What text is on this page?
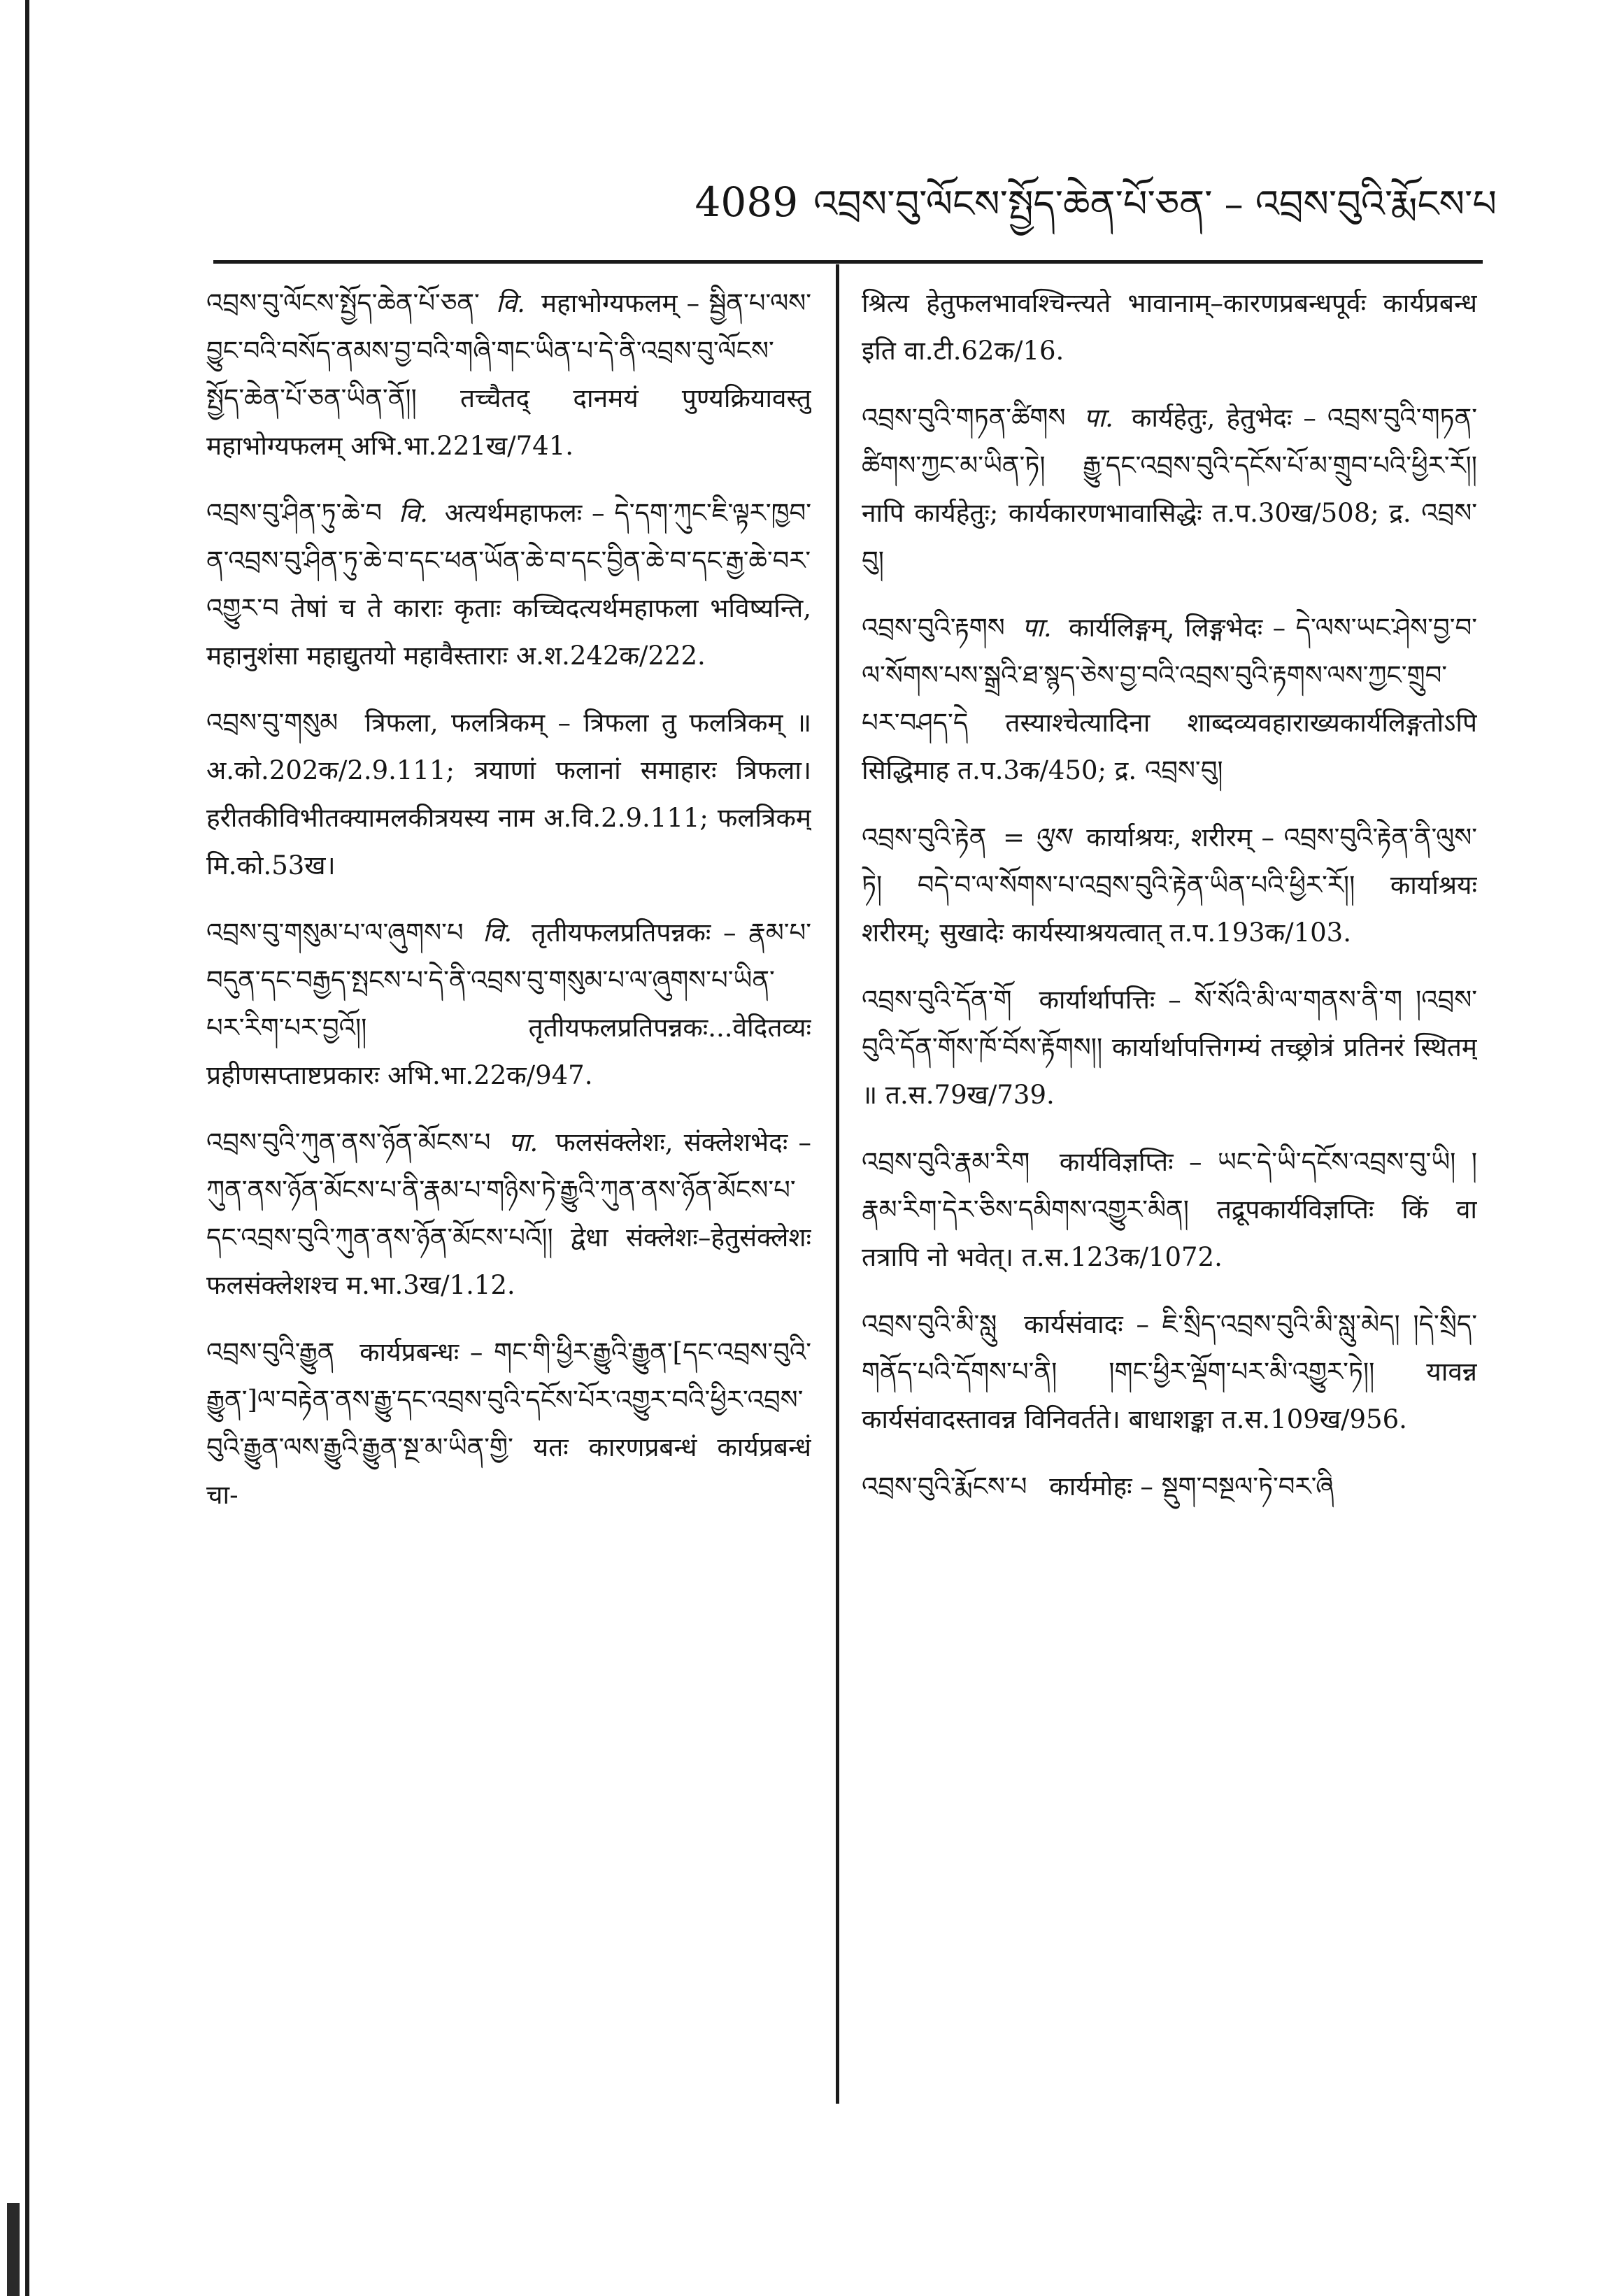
4089 འབྲས་བུ་ལོངས་སྤྱོད་ཆེན་པོ་ཅན་ – འབྲས་བུའི་རྨོངས་པ

འབྲས་བུ་ལོངས་སྤྱོད་ཆེན་པོ་ཅན་ वि. महाभोग्यफलम् – སྦྱིན་པ་ལས་བྱུང་བའི་བསོད་ནམས་བྱ་བའི་གཞི་གང་ཡིན་པ་དེ་ནི་འབྲས་བུ་ལོངས་སྤྱོད་ཆེན་པོ་ཅན་ཡིན་ནོ།། तच्चैतद् दानमयं पुण्यक्रियावस्तु महाभोग्यफलम् अभि.भा.221ख/741.

འབྲས་བུ་ཤིན་ཏུ་ཆེ་བ वि. अत्यर्थमहाफलः – དེ་དག་ཀུང་ཇི་ལྟར་ཁྱབ་ན་འབྲས་བུ་ཤིན་ཏུ་ཆེ་བ་དང་ཕན་ཡོན་ཆེ་བ་དང་བྱིན་ཆེ་བ་དང་རྒྱ་ཆེ་བར་འགྱུར་བ तेषां च ते काराः कृताः कच्चिदत्यर्थमहाफला भविष्यन्ति, महानुशंसा महाद्युतयो महावैस्ताराः अ.श.242क/222.

འབྲས་བུ་གསུམ त्रिफला, फलत्रिकम् – त्रिफला तु फलत्रिकम् ॥ अ.को.202क/2.9.111; त्रयाणां फलानां समाहारः त्रिफला। हरीतकीविभीतक्यामलकीत्रयस्य नाम अ.वि.2.9.111; फलत्रिकम् मि.को.53ख।

འབྲས་བུ་གསུམ་པ་ལ་ཞུགས་པ वि. तृतीयफलप्रतिपन्नकः – རྣམ་པ་བདུན་དང་བརྒྱད་སྤངས་པ་དེ་ནི་འབྲས་བུ་གསུམ་པ་ལ་ཞུགས་པ་ཡིན་པར་རིག་པར་བྱའོ།། तृतीयफलप्रतिपन्नकः...वेदितव्यः प्रहीणसप्ताष्टप्रकारः अभि.भा.22क/947.

འབྲས་བུའི་ཀུན་ནས་ཉོན་མོངས་པ पा. फलसंक्लेशः, संक्लेशभेदः – ཀུན་ནས་ཉོན་མོངས་པ་ནི་རྣམ་པ་གཉིས་ཏེ་རྒྱུའི་ཀུན་ནས་ཉོན་མོངས་པ་དང་འབྲས་བུའི་ཀུན་ནས་ཉོན་མོངས་པའོ།། द्वेधा संक्लेशः–हेतुसंक्लेशः फलसंक्लेशश्च म.भा.3ख/1.12.

འབྲས་བུའི་རྒྱུན कार्यप्रबन्धः – གང་གི་ཕྱིར་རྒྱུའི་རྒྱུན་[དང་འབྲས་བུའི་རྒྱུན་]ལ་བརྟེན་ནས་རྒྱུ་དང་འབྲས་བུའི་དངོས་པོར་འགྱུར་བའི་ཕྱིར་འབྲས་བུའི་རྒྱུན་ལས་རྒྱུའི་རྒྱུན་སྔ་མ་ཡིན་གྱི་ यतः कारणप्रबन्धं कार्यप्रबन्धं चा-

श्रित्य हेतुफलभावश्चिन्त्यते भावानाम्–कारणप्रबन्धपूर्वः कार्यप्रबन्ध इति वा.टी.62क/16.

འབྲས་བུའི་གཏན་ཚིགས पा. कार्यहेतुः, हेतुभेदः – འབྲས་བུའི་གཏན་ཚིགས་ཀྱང་མ་ཡིན་ཏེ། རྒྱུ་དང་འབྲས་བུའི་དངོས་པོ་མ་གྲུབ་པའི་ཕྱིར་རོ།། नापि कार्यहेतुः; कार्यकारणभावासिद्धेः त.प.30ख/508; द्र. འབྲས་བུ།

འབྲས་བུའི་རྟགས पा. कार्यलिङ्गम्, लिङ्गभेदः – དེ་ལས་ཡང་ཤེས་བྱ་བ་ལ་སོགས་པས་སྒྲའི་ཐ་སྙད་ཅེས་བྱ་བའི་འབྲས་བུའི་རྟགས་ལས་ཀྱང་གྲུབ་པར་བཤད་དེ तस्याश्चेत्यादिना शाब्दव्यवहाराख्यकार्यलिङ्गतोऽपि सिद्धिमाह त.प.3क/450; द्र. འབྲས་བུ།

འབྲས་བུའི་རྟེན = ལུས कार्याश्रयः, शरीरम् – འབྲས་བུའི་རྟེན་ནི་ལུས་ཏེ། བདེ་བ་ལ་སོགས་པ་འབྲས་བུའི་རྟེན་ཡིན་པའི་ཕྱིར་རོ།། कार्याश्रयः शरीरम्; सुखादेः कार्यस्याश्रयत्वात् त.प.193क/103.

འབྲས་བུའི་དོན་གོ कार्यार्थापत्तिः – སོ་སོའི་མི་ལ་གནས་ནི་ག །འབྲས་བུའི་དོན་གོས་ཁོ་བོས་རྟོགས།། कार्यार्थापत्तिगम्यं तच्छ्रोत्रं प्रतिनरं स्थितम् ॥ त.स.79ख/739.

འབྲས་བུའི་རྣམ་རིག कार्यविज्ञप्तिः – ཡང་དེ་ཡི་དངོས་འབྲས་བུ་ཡི། །རྣམ་རིག་དེར་ཅིས་དམིགས་འགྱུར་མིན། तद्रूपकार्यविज्ञप्तिः किं वा तत्रापि नो भवेत्। त.स.123क/1072.

འབྲས་བུའི་མི་སླུ कार्यसंवादः – ཇི་སྲིད་འབྲས་བུའི་མི་སླུ་མེད། །དེ་སྲིད་གནོད་པའི་དོགས་པ་ནི། །གང་ཕྱིར་ལྡོག་པར་མི་འགྱུར་ཏེ།། यावन्न कार्यसंवादस्तावन्न विनिवर्तते। बाधाशङ्का त.स.109ख/956.

འབྲས་བུའི་རྨོངས་པ कार्यमोहः – སྡུག་བསྔལ་ཏེ་བར་ཞི
